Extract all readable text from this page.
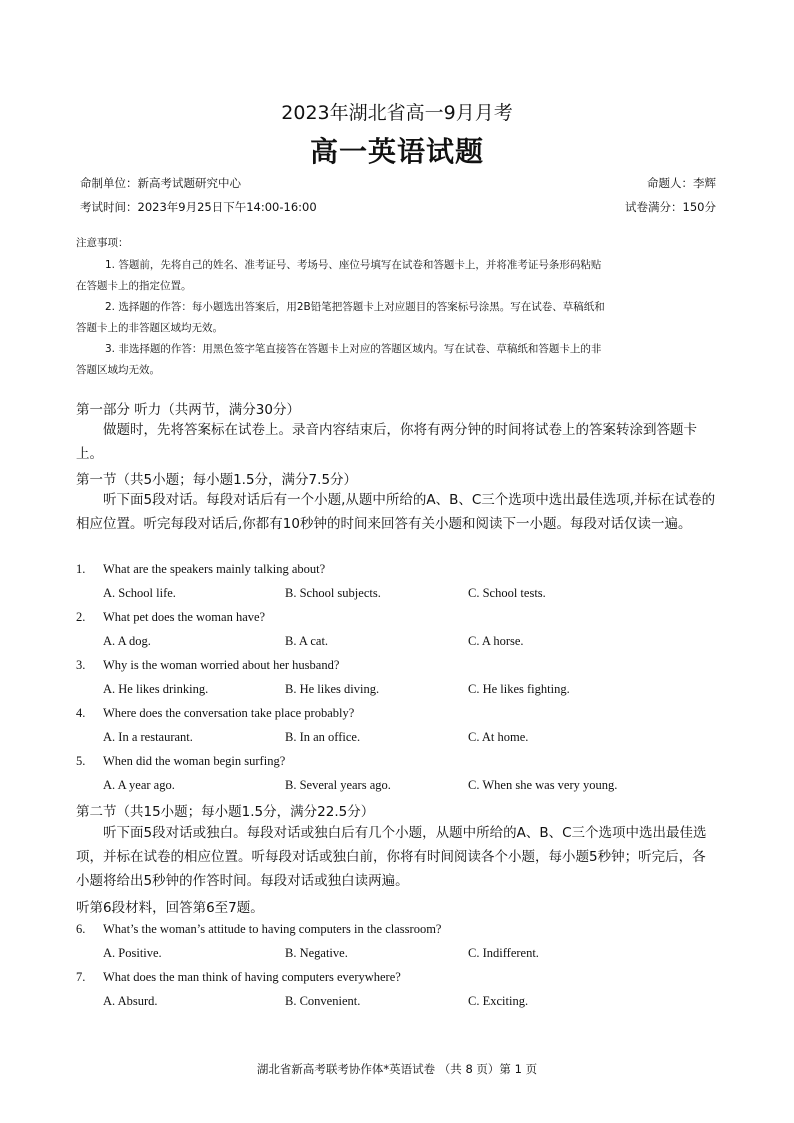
2023年湖北省高一9月月考
高一英语试题
命制单位：新高考试题研究中心	命题人：李辉
考试时间：2023年9月25日下午14:00-16:00	试卷满分：150分
注意事项：
1. 答题前，先将自己的姓名、准考证号、考场号、座位号填写在试卷和答题卡上，并将准考证号条形码粘贴
在答题卡上的指定位置。
2. 选择题的作答：每小题选出答案后，用2B铅笔把答题卡上对应题目的答案标号涂黑。写在试卷、草稿纸和
答题卡上的非答题区域均无效。
3. 非选择题的作答：用黑色签字笔直接答在答题卡上对应的答题区域内。写在试卷、草稿纸和答题卡上的非
答题区域均无效。
第一部分 听力（共两节，满分30分）

做题时，先将答案标在试卷上。录音内容结束后，你将有两分钟的时间将试卷上的答案转涂到答题卡上。

第一节（共5小题；每小题1.5分，满分7.5分）

听下面5段对话。每段对话后有一个小题,从题中所给的A、B、C三个选项中选出最佳选项,并标在试卷的相应位置。听完每段对话后,你都有10秒钟的时间来回答有关小题和阅读下一小题。每段对话仅读一遍。

1. What are the speakers mainly talking about?
A. School life.	B. School subjects.	C. School tests.
2. What pet does the woman have?
A. A dog.	B. A cat.	C. A horse.
3. Why is the woman worried about her husband?
A. He likes drinking.	B. He likes diving.	C. He likes fighting.
4. Where does the conversation take place probably?
A. In a restaurant.	B. In an office.	C. At home.
5. When did the woman begin surfing?
A. A year ago.	B. Several years ago.	C. When she was very young.
第二节（共15小题；每小题1.5分，满分22.5分）

听下面5段对话或独白。每段对话或独白后有几个小题，从题中所给的A、B、C三个选项中选出最佳选项，并标在试卷的相应位置。听每段对话或独白前，你将有时间阅读各个小题，每小题5秒钟；听完后，各小题将给出5秒钟的作答时间。每段对话或独白读两遍。

听第6段材料，回答第6至7题。
6. What’s the woman’s attitude to having computers in the classroom?
A. Positive.	B. Negative.	C. Indifferent.
7. What does the man think of having computers everywhere?
A. Absurd.	B. Convenient.	C. Exciting.
湖北省新高考联考协作体*英语试卷 （共 8 页）第 1 页
